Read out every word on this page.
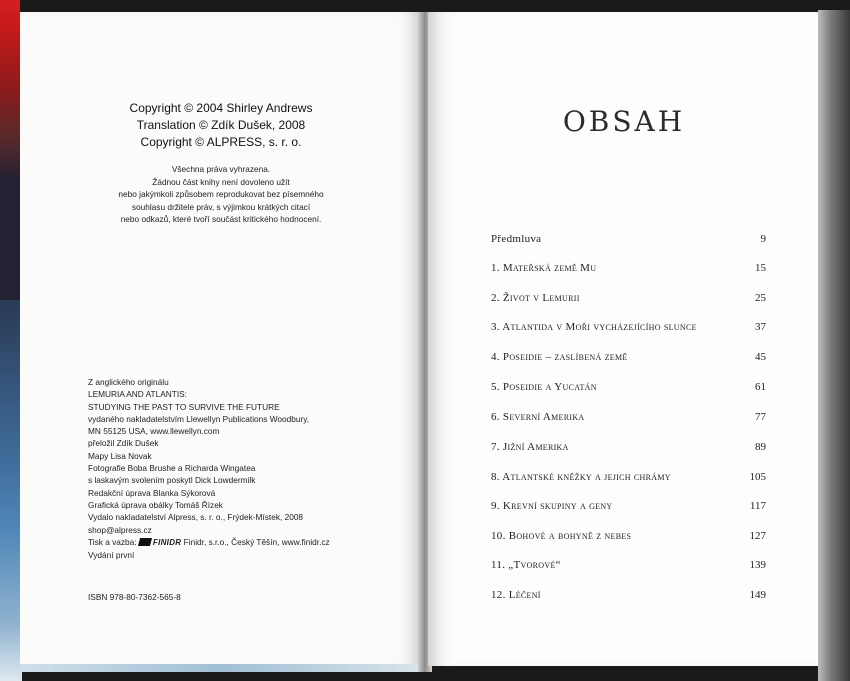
Copyright © 2004 Shirley Andrews
Translation © Zdík Dušek, 2008
Copyright © ALPRESS, s. r. o.
Všechna práva vyhrazena.
Žádnou část knihy není dovoleno užít
nebo jakýmkoli způsobem reprodukovat bez písemného
souhlasu držitele práv, s výjimkou krátkých citací
nebo odkazů, které tvoří součást kritického hodnocení.
Z anglického originálu
LEMURIA AND ATLANTIS:
STUDYING THE PAST TO SURVIVE THE FUTURE
vydaného nakladatelstvím Llewellyn Publications Woodbury,
MN 55125 USA, www.llewellyn.com
přeložil Zdík Dušek
Mapy Lisa Novak
Fotografie Boba Brushe a Richarda Wingatea
s laskavým svolením poskytl Dick Lowdermilk
Redakční úprava Blanka Sýkorová
Grafická úprava obálky Tomáš Řízek
Vydalo nakladatelství Alpress, s. r. o., Frýdek-Místek, 2008
shop@alpress.cz
Tisk a vazba: FINIDR Finidr, s.r.o., Český Těšín, www.finidr.cz
Vydání první
ISBN 978-80-7362-565-8
OBSAH
Předmluva	9
1. Mateřská země Mu	15
2. Život v Lemurii	25
3. Atlantida v Moři vycházejícího slunce	37
4. Poseidie – zaslíbená země	45
5. Poseidie a Yucatán	61
6. Severní Amerika	77
7. Jižní Amerika	89
8. Atlantské kněžky a jejich chrámy	105
9. Krevní skupiny a geny	117
10. Bohové a bohyně z nebes	127
11. „Tvorové“	139
12. Léčení	149
